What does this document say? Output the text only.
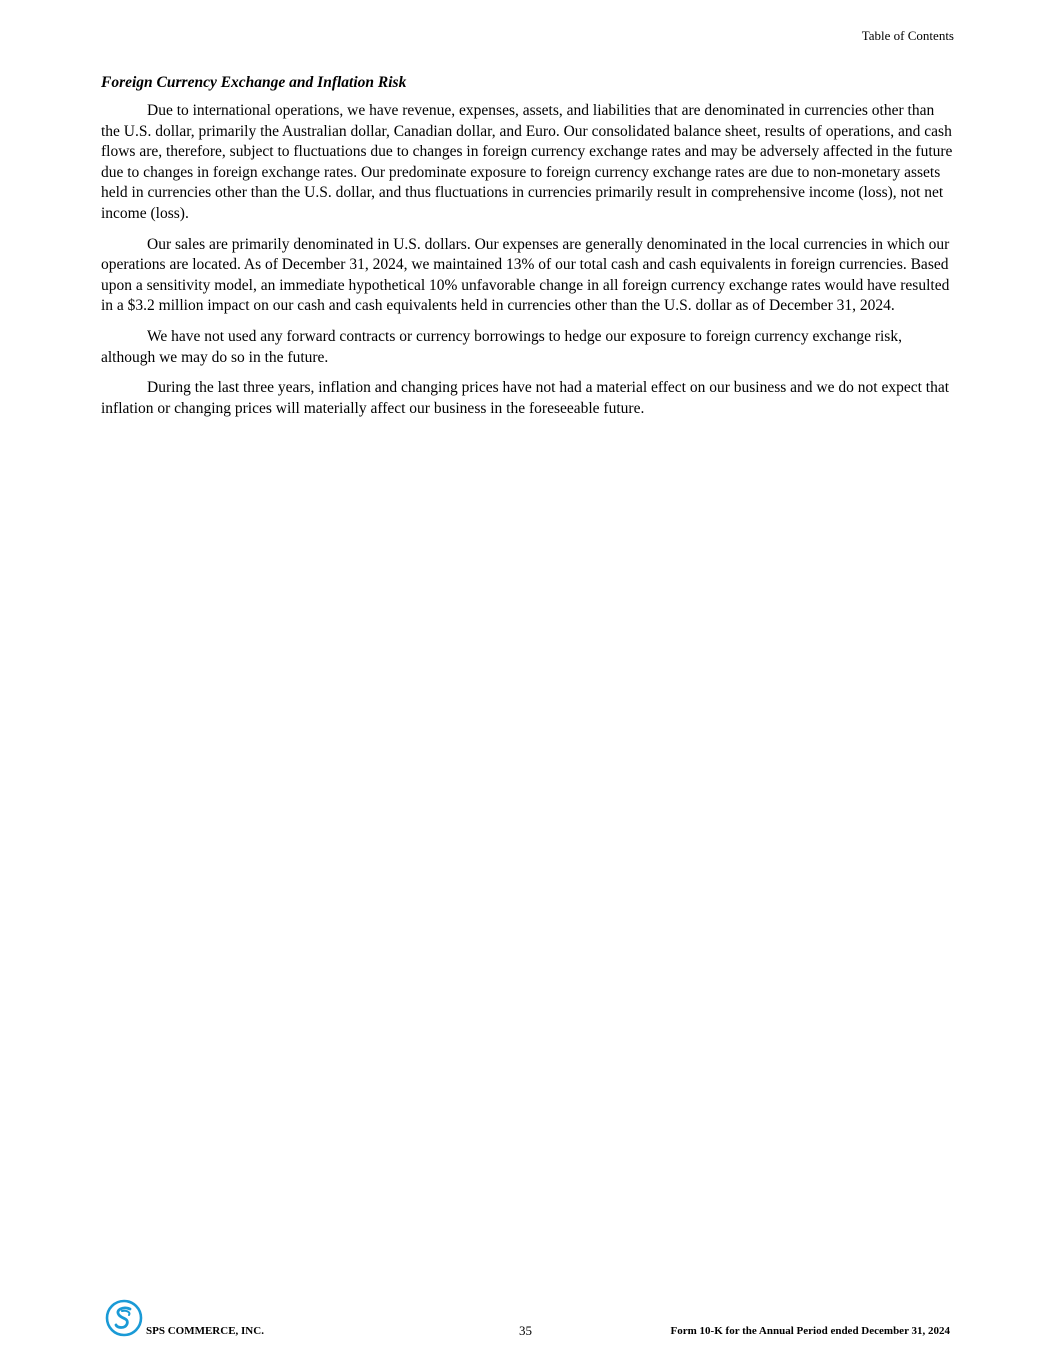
Table of Contents
Foreign Currency Exchange and Inflation Risk

Due to international operations, we have revenue, expenses, assets, and liabilities that are denominated in currencies other than the U.S. dollar, primarily the Australian dollar, Canadian dollar, and Euro. Our consolidated balance sheet, results of operations, and cash flows are, therefore, subject to fluctuations due to changes in foreign currency exchange rates and may be adversely affected in the future due to changes in foreign exchange rates. Our predominate exposure to foreign currency exchange rates are due to non-monetary assets held in currencies other than the U.S. dollar, and thus fluctuations in currencies primarily result in comprehensive income (loss), not net income (loss).

Our sales are primarily denominated in U.S. dollars. Our expenses are generally denominated in the local currencies in which our operations are located. As of December 31, 2024, we maintained 13% of our total cash and cash equivalents in foreign currencies. Based upon a sensitivity model, an immediate hypothetical 10% unfavorable change in all foreign currency exchange rates would have resulted in a $3.2 million impact on our cash and cash equivalents held in currencies other than the U.S. dollar as of December 31, 2024.

We have not used any forward contracts or currency borrowings to hedge our exposure to foreign currency exchange risk, although we may do so in the future.

During the last three years, inflation and changing prices have not had a material effect on our business and we do not expect that inflation or changing prices will materially affect our business in the foreseeable future.

SPS COMMERCE, INC.	35	Form 10-K for the Annual Period ended December 31, 2024
